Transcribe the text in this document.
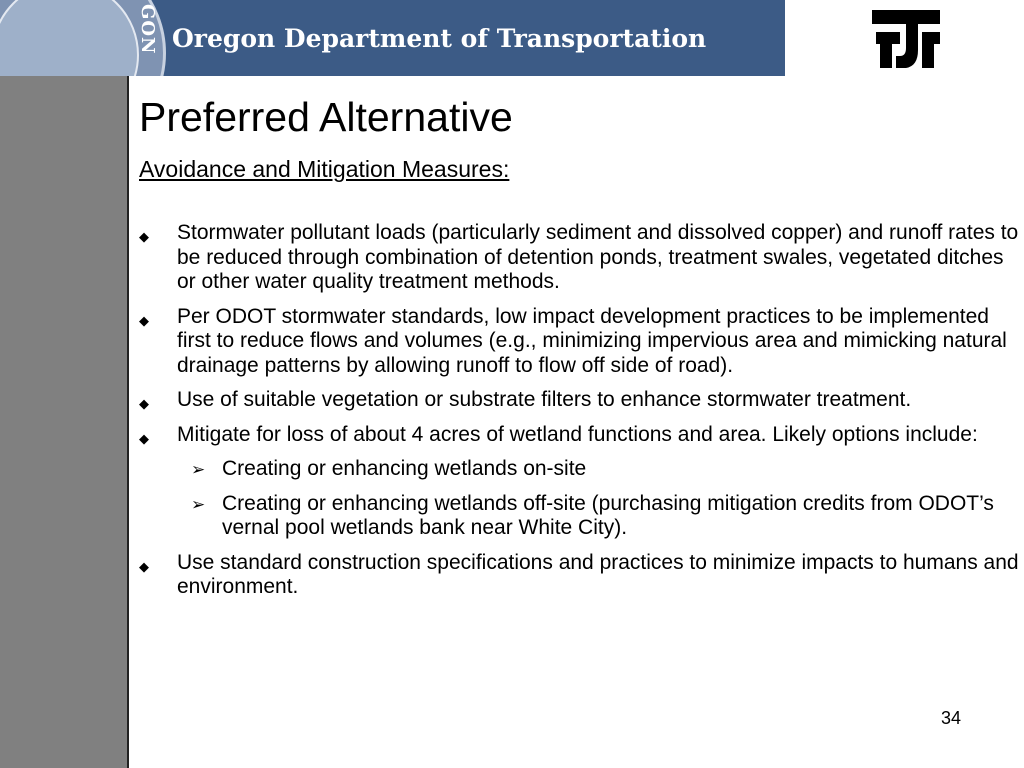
GON Oregon Department of Transportation
Preferred Alternative
Avoidance and Mitigation Measures:
◆ Stormwater pollutant loads (particularly sediment and dissolved copper) and runoff rates to be reduced through combination of detention ponds, treatment swales, vegetated ditches or other water quality treatment methods.
◆ Per ODOT stormwater standards, low impact development practices to be implemented first to reduce flows and volumes (e.g., minimizing impervious area and mimicking natural drainage patterns by allowing runoff to flow off side of road).
◆ Use of suitable vegetation or substrate filters to enhance stormwater treatment.
◆ Mitigate for loss of about 4 acres of wetland functions and area. Likely options include:
➢ Creating or enhancing wetlands on-site
➢ Creating or enhancing wetlands off-site (purchasing mitigation credits from ODOT’s vernal pool wetlands bank near White City).
◆ Use standard construction specifications and practices to minimize impacts to humans and environment.
34
